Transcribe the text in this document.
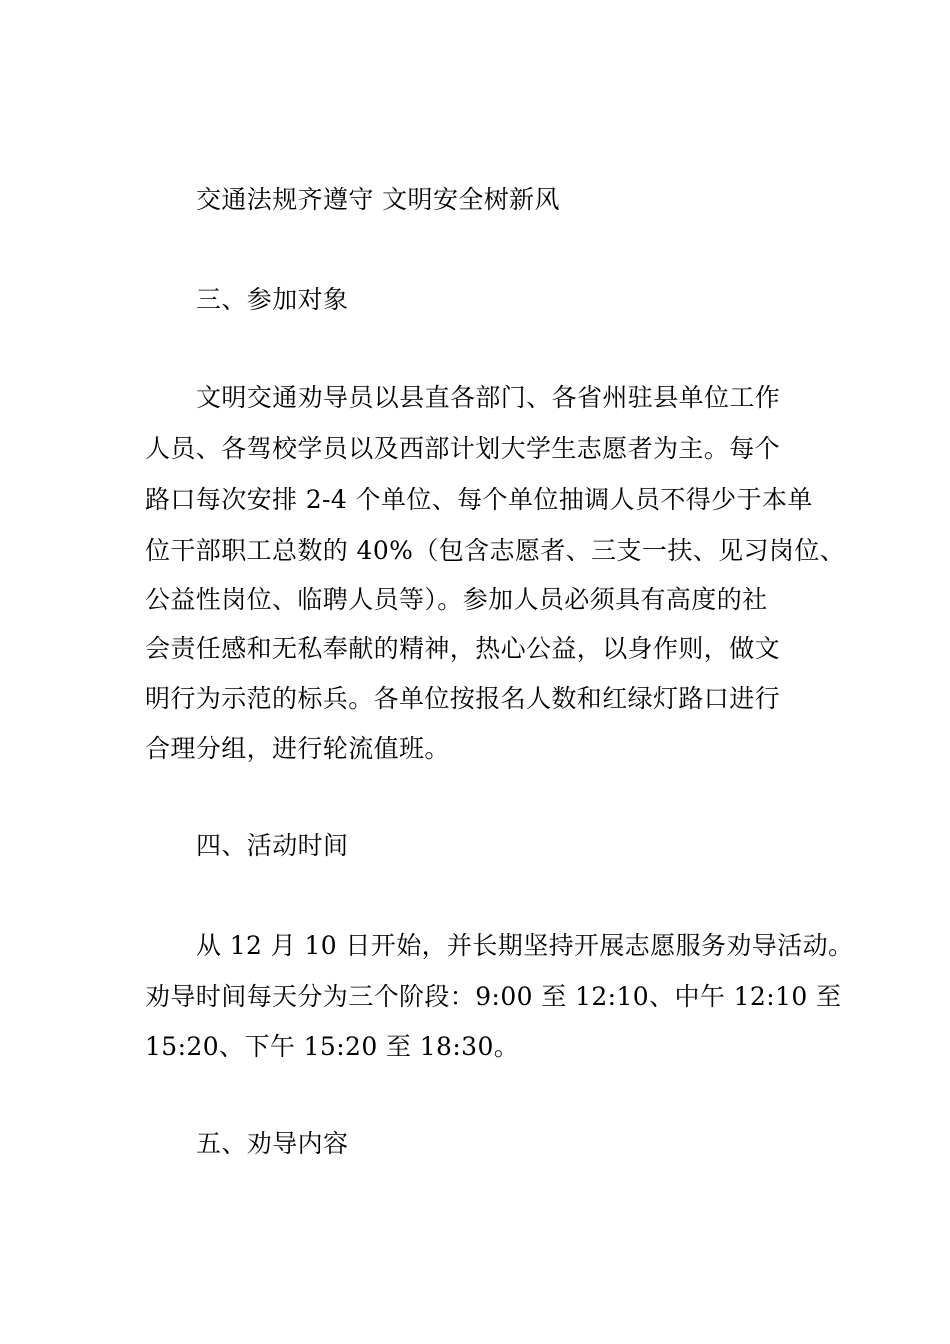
交通法规齐遵守 文明安全树新风
三、参加对象
文明交通劝导员以县直各部门、各省州驻县单位工作
人员、各驾校学员以及西部计划大学生志愿者为主。每个
路口每次安排 2-4 个单位、每个单位抽调人员不得少于本单
位干部职工总数的 40%（包含志愿者、三支一扶、见习岗位、
公益性岗位、临聘人员等）。参加人员必须具有高度的社
会责任感和无私奉献的精神，热心公益，以身作则，做文
明行为示范的标兵。各单位按报名人数和红绿灯路口进行
合理分组，进行轮流值班。
四、活动时间
从 12 月 10 日开始，并长期坚持开展志愿服务劝导活动。
劝导时间每天分为三个阶段：9:00 至 12:10、中午 12:10 至
15:20、下午 15:20 至 18:30。
五、劝导内容
